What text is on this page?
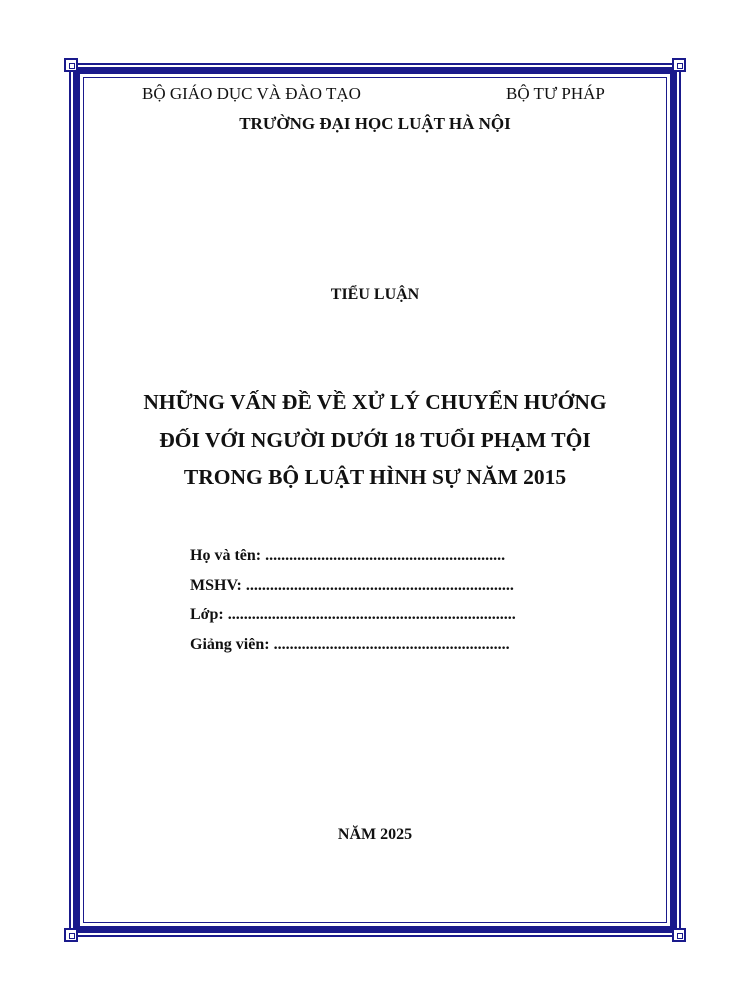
BỘ GIÁO DỤC VÀ ĐÀO TẠO	BỘ TƯ PHÁP
TRƯỜNG ĐẠI HỌC LUẬT HÀ NỘI
TIỂU LUẬN
NHỮNG VẤN ĐỀ VỀ XỬ LÝ CHUYỂN HƯỚNG
ĐỐI VỚI NGƯỜI DƯỚI 18 TUỔI PHẠM TỘI
TRONG BỘ LUẬT HÌNH SỰ NĂM 2015
Họ và tên: ............................................................
MSHV: ...................................................................
Lớp: ........................................................................
Giảng viên: ...........................................................
NĂM 2025
